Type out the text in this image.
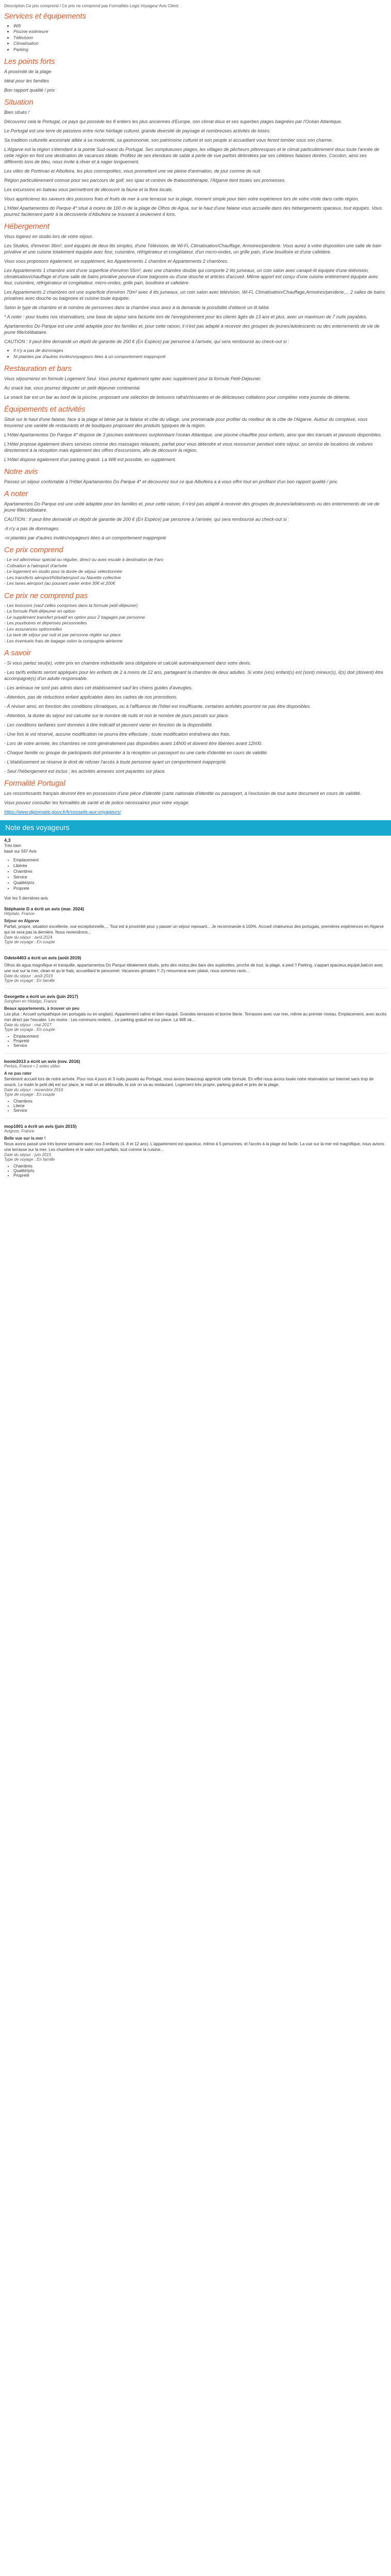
Description Ce prix comprend / Ce prix ne comprend pas Formalités Logis Voyageur Avis Client
Services et équipements
• Wifi
• Piscine extérieure
• Télévision
• Climatisation
• Parking
Les points forts

A proximité de la plage

Idéal pour les familles

Bon rapport qualité / prix

Situation

Bien situés !

Découvrez cela le Portugal, ce pays qui possède les 8 entiers les plus anciennes d'Europe, son climat doux et ses superbes plages baignées par l'Océan Atlantique.

Le Portugal est une terre de passions entre riche héritage culturel, grande diversité de paysage et nombreuses activités de loisirs.

Sa tradition culturelle ancestrale alliée à sa modernité, sa gastronomie, son patrimoine culturel et son peuple si accueillant vous feront tomber sous son charme.

L'Algarve est la région s'étendant à la pointe Sud-ouest du Portugal. Ses somptueuses plages, les villages de pêcheurs pittoresques et le climat particulièrement doux toute l'année de cette région en font une destination de vacances idéale. Profitez de ses étendues de sable à perte de vue parfois délimitées par ses célèbres falaises dorées. Cocolon, ainsi ses différents tons de bleu, nous invite à rêver et à nager longuement.

Les villes de Portimao et Albufeira, les plus cosmopolites, vous promettent une vie pleine d'animation, de jour comme de nuit.

Région particulièrement connue pour ses parcours de golf, ses spas et centres de thalassothérapie, l'Algarve tient toutes ses promesses.

Les excursions en bateau vous permettront de découvrir la faune et la flore locale.

Vous apprécierez les saveurs des poissons frais et fruits de mer à une terrasse sur la plage, moment simple pour bien votre expérience lors de votre visite dans cette région.

L'Hôtel Apartamentos do Parque 4* situé à moins de 100 m de la plage de Olhos de Agua, sur le haut d'une falaise vous accueille dans des hébergements spacieux, tout équipés. Vous pourrez facilement partir à la découverte d'Albufeira se trouvant à seulement 4 kms.

Hébergement

Vous logerez en studio lors de votre séjour.

Les Studios, d'environ 36m², sont équipés de deux lits simples, d'une Télévision, de Wi-Fi, Climatisation/Chauffage, Armoires/penderie. Vous aurez à votre disposition une salle de bain privative et une cuisine totalement équipée avec four, cuisinière, réfrigérateur et congélateur, d'un micro-ondes, un grille pain, d'une bouilloire et d'une cafetière.

Vous vous proposons également, en supplément, les Appartements 1 chambre et Appartements 2 chambres.

Les Appartements 1 chambre sont d'une superficie d'environ 55m², avec une chambre double qui comporte 2 lits jumeaux, un coin salon avec canapé-lit équipée d'une télévision, climatisation/chauffage et d'une salle de bains privative pourvue d'une baignoire ou d'une douche et articles d'accueil. Même apport est conçu d'une cuisine entièrement équipée avec four, cuisinière, réfrigérateur et congélateur, micro-ondes, grille pain, bouilloire et cafetière.

Les Appartements 2 chambres ont une superficie d'environ 70m² avec 4 lits jumeaux, un coin salon avec télévision, Wi-Fi, Climatisation/Chauffage,Armoires/penderie,... 2 salles de bains privatives avec douche ou baignoire et cuisine toute équipée.

Selon le type de chambre et le nombre de personnes dans la chambre vous avez à la demande la possibilité d'obtenir un lit bébé.

* A noter : pour toutes nos réservations, une base de séjour sera facturée lors de l'enregistrement pour les clients âgés de 13 ans et plus, avec un maximum de 7 nuits payables.

Apartamentos Do Parque est une unité adaptée pour les familles et, pour cette raison, il n'est pas adapté à recevoir des groupes de jeunes/adolescents ou des enterrements de vie de jeune fille/célibataire.

CAUTION : Il peut être demandé un dépôt de garantie de 200 € (En Espèce) par personne à l'arrivée, qui sera remboursé au check-out si :

• Il n'y a pas de dommages
• Ni plaintes par d'autres invités/voyageurs liées à un comportement inapproprié
Restauration et bars

Vous séjournerez en formule Logement Seul. Vous pourrez également opter avec supplément pour la formule Petit-Déjeuner.

Au snack bar, vous pourrez déguster un petit déjeuner continental.

Le snack bar est un bar au bord de la piscine, proposant une sélection de boissons rafraîchissantes et de délicieuses collations pour compléter votre journée de détente.

Équipements et activités

Situé sur le haut d'une falaise, face à la plage et bénie par la falaise et côte du village, une promenade pour profiter du meilleur de la côte de l'Algarve. Autour du complexe, vous trouverez une variété de restaurants et de boutiques proposant des produits typiques de la région.

L'Hôtel Apartamentos Do Parque 4* dispose de 3 piscines extérieures surplombant l'océan Atlantique, une piscine chauffée pour enfants, ainsi que des transats et parasols disponibles.

L'Hôtel propose également divers services comme des massages relaxants, parfait pour vous détendre et vous ressourcer pendant votre séjour, un service de locations de voitures directement à la réception mais également des offres d'excursions, afin de découvrir la région.

L'Hôtel dispose également d'un parking gratuit. La Wifi est possible, en supplément.

Notre avis

Passez un séjour confortable à l'Hôtel Apartamentos Do Parque 4* et découvrez tout ce que Albufeira a à vous offrir tout en profitant d'un bon rapport qualité / prix.

A noter

Apartamentos Do Parque est une unité adaptée pour les familles et, pour cette raison, il n'est pas adapté à recevoir des groupes de jeunes/adolescents ou des enterrements de vie de jeune fille/célibataire.

CAUTION : Il peut être demandé un dépôt de garantie de 200 € (En Espèce) par personne à l'arrivée, qui sera remboursé au check-out si :

-Il n'y a pas de dommages

-ni plaintes par d'autres invités/voyageurs liées à un comportement inapproprié

Ce prix comprend
- Le vol aller/retour spécial ou régulier, direct ou avec escale à destination de Faro
- Colisation à l'aéroport d'arrivée
- Le logement en studio pour la durée de séjour sélectionnée
- Les transferts aéroport/hôtel/aéroport ou Navette collective
- Les taxes aéroport (au pouvant varier entre 30€ et 200€
Ce prix ne comprend pas
- Les boissons (sauf celles comprises dans la formule petit-déjeuner)
- La formule Petit-déjeuner en option
- Le supplément transfert privatif en option pour 2 bagages par personne
- Les pourboires et dépenses personnelles
- Les assurances optionnelles
- La taxe de séjour par nuit et par personne réglée sur place
- Les éventuels frais de bagage selon la compagnie aérienne
A savoir

- Si vous partez seul(e), votre prix en chambre individuelle sera obligatoire et calculé automatiquement dans votre devis.

- Les tarifs enfants seront appliqués pour les enfants de 2 à moins de 12 ans, partageant la chambre de deux adultes. Si votre (vos) enfant(s) est (sont) mineur(s), il(s) doit (doivent) être accompagné(s) d'un adulte responsable.

- Les animaux ne sont pas admis dans cet établissement sauf les chiens guides d'aveugles.

- Attention, pas de réductions enfant applicables dans les cadres de nos promotions.

- À réviser ainsi, en fonction des conditions climatiques, ou à l'affluence de l'hôtel est insuffisante, certaines activités pourront ne pas être disponibles.

- Attention, la durée du séjour est calculée sur le nombre de nuits et non le nombre de jours passés sur place.

- Les conditions tarifaires sont données à titre indicatif et peuvent varier en fonction de la disponibilité.

- Une fois le vol réservé, aucune modification ne pourra être effectuée ; toute modification entraînera des frais.

- Lors de votre arrivée, les chambres ne sont généralement pas disponibles avant 14h00 et doivent être libérées avant 12h00.

- Chaque famille ou groupe de participants doit présenter à la réception un passeport ou une carte d'identité en cours de validité.

- L'établissement se réserve le droit de refuser l'accès à toute personne ayant un comportement inapproprié.

- Seul l'hébergement est inclus ; les activités annexes sont payantes sur place.

Formalité Portugal

Les ressortissants français devront être en possession d'une pièce d'identité (carte nationale d'identité ou passeport, à l'exclusion de tout autre document en cours de validité.

Vous pouvez consulter les formalités de santé et de police nécessaires pour votre voyage.

https://www.diplomatie.gouv.fr/fr/conseils-aux-voyageurs/

Note des voyageurs
4,3
Très bien
basé sur 597 Avis
• Emplacement
• Libérée
• Chambres
• Service
• Qualité/prix
• Propreté
Voir les 5 dernières avis
Stéphanie D a écrit un avis (mar. 2024)
Hôpitalo, France
Séjour en Algarve
Parfait, propre, situation excellente, vue exceptionnelle,... Tout est à proximité pour y passer un séjour reposant... Je recommande à 100%. Accueil chaleureux des portugais, premières expériences en Algarve qui ne sera pas la dernière. Nous reviendrons...
Date du séjour : avril 2024
Type de voyage : En couple
Odete4403 a écrit un avis (août 2019)
Olhos de agua magnifique et tranquille, appartamentos Do Parque idéalement situés, près des restos,des bars des supérettes, proche de tout, la plage, a pied !! Parking, s'appart spacieux,équipé,balcon avec une vue sur la mer, clean et qu le frais, accueillant le personnel. Vacances géniales !! J'y retournerai avec plaisir, nous sommes ravis...
Date du séjour : août 2019
Type de voyage : En famille
Georgette a écrit un avis (juin 2017)
Songhen en Hidalgo, France
Beaux appartements, à trouver un peu
Les plus : Accueil sympathique (en portugais ou en anglais). Appartement calme et bien équipé. Grandes terrasses et bonne literie. Terrasses avec vue mer, même au premier niveau. Emplacement, avec accès non direct par l'escalier. Les moins : Les communs restent... Le parking gratuit est sur place. La Wifi ok...
Date du séjour : mai 2017
Type de voyage : En couple
• Emplacement
• Propreté
• Service
boote2013 a écrit un avis (nov. 2016)
Pertuis, France • 1 votes utiles
A ne pas rater
Sentiment accueil lors de notre arrivée. Pour nos 4 jours et 3 nuits passés au Portugal, nous avons beaucoup apprécié cette formule. En effet nous avons louée notre réservation sur internet sans trop de soucis. Le matin le petit déj est sur place, le midi on se débrouille, le soir on va au restaurant. Logement très propre, parking gratuit et près de la plage.
Date du séjour : novembre 2016
Type de voyage : En couple
• Chambres
• Literie
• Service
mop1001 a écrit un avis (juin 2015)
Avignon, France
Belle vue sur la mer !
Nous avons passé une très bonne semaine avec nos 3 enfants (4, 8 et 12 ans). L'appartement est spacieux, même à 5 personnes, et l'accès à la plage est facile. La vue sur la mer est magnifique, nous avions une terrasse sur la mer. Les chambres et le salon sont parfaits, tout comme la cuisine...
Date du séjour : juin 2015
Type de voyage : En famille
• Chambres
• Qualité/prix
• Propreté
